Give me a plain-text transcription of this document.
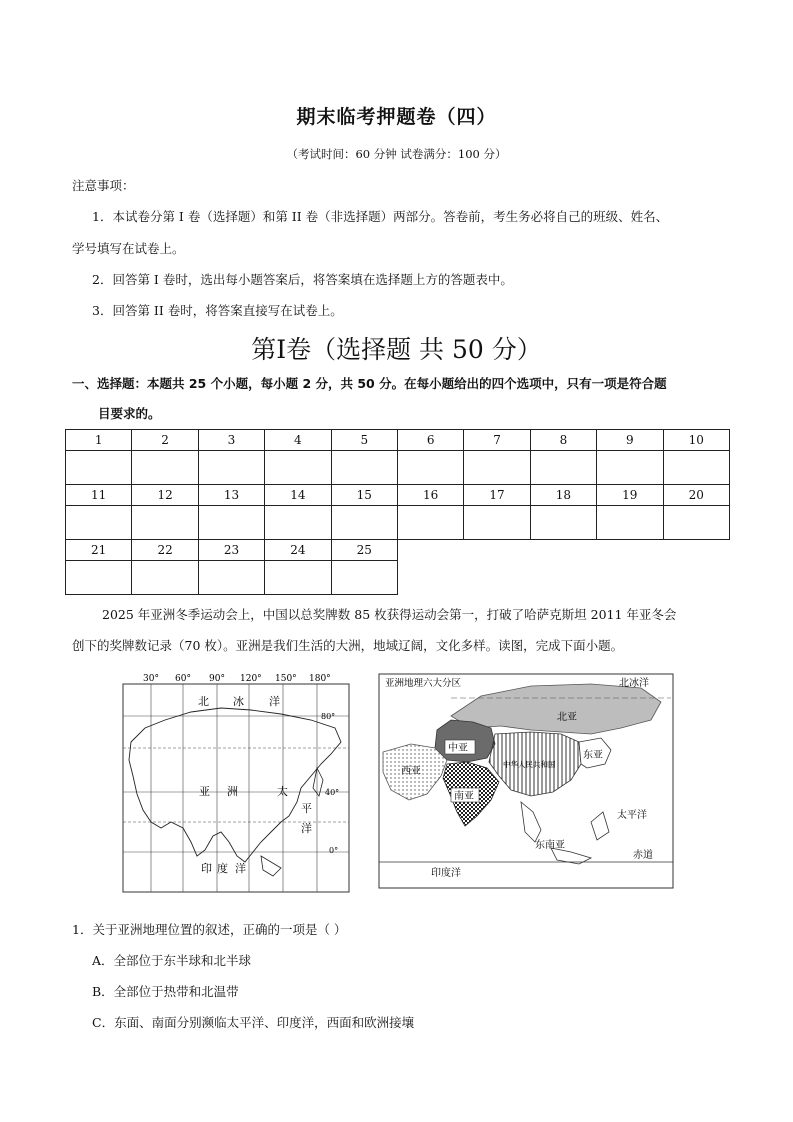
期末临考押题卷（四）
（考试时间：60 分钟 试卷满分：100 分）
注意事项：
1．本试卷分第 I 卷（选择题）和第 II 卷（非选择题）两部分。答卷前，考生务必将自己的班级、姓名、
学号填写在试卷上。
2．回答第 I 卷时，选出每小题答案后，将答案填在选择题上方的答题表中。
3．回答第 II 卷时，将答案直接写在试卷上。
第I卷（选择题 共 50 分）
一、选择题：本题共 25 个小题，每小题 2 分，共 50 分。在每小题给出的四个选项中，只有一项是符合题
目要求的。
1	2	3	4	5	6	7	8	9	10

11	12	13	14	15	16	17	18	19	20

21	22	23	24	25					

2025 年亚洲冬季运动会上，中国以总奖牌数 85 枚获得运动会第一，打破了哈萨克斯坦 2011 年亚冬会
创下的奖牌数记录（70 枚）。亚洲是我们生活的大洲，地域辽阔，文化多样。读图，完成下面小题。
30° 60° 90° 120° 150° 180°
北 冰 洋
亚 洲	太
平
洋
印 度 洋
80°
40°
0°
亚洲地理六大分区
中亚
北亚
东亚
西亚
南亚
中华人民共和国
东南亚
北冰洋
太平洋
印度洋
赤道
1．关于亚洲地理位置的叙述，正确的一项是（ ）
A．全部位于东半球和北半球
B．全部位于热带和北温带
C．东面、南面分别濒临太平洋、印度洋，西面和欧洲接壤
